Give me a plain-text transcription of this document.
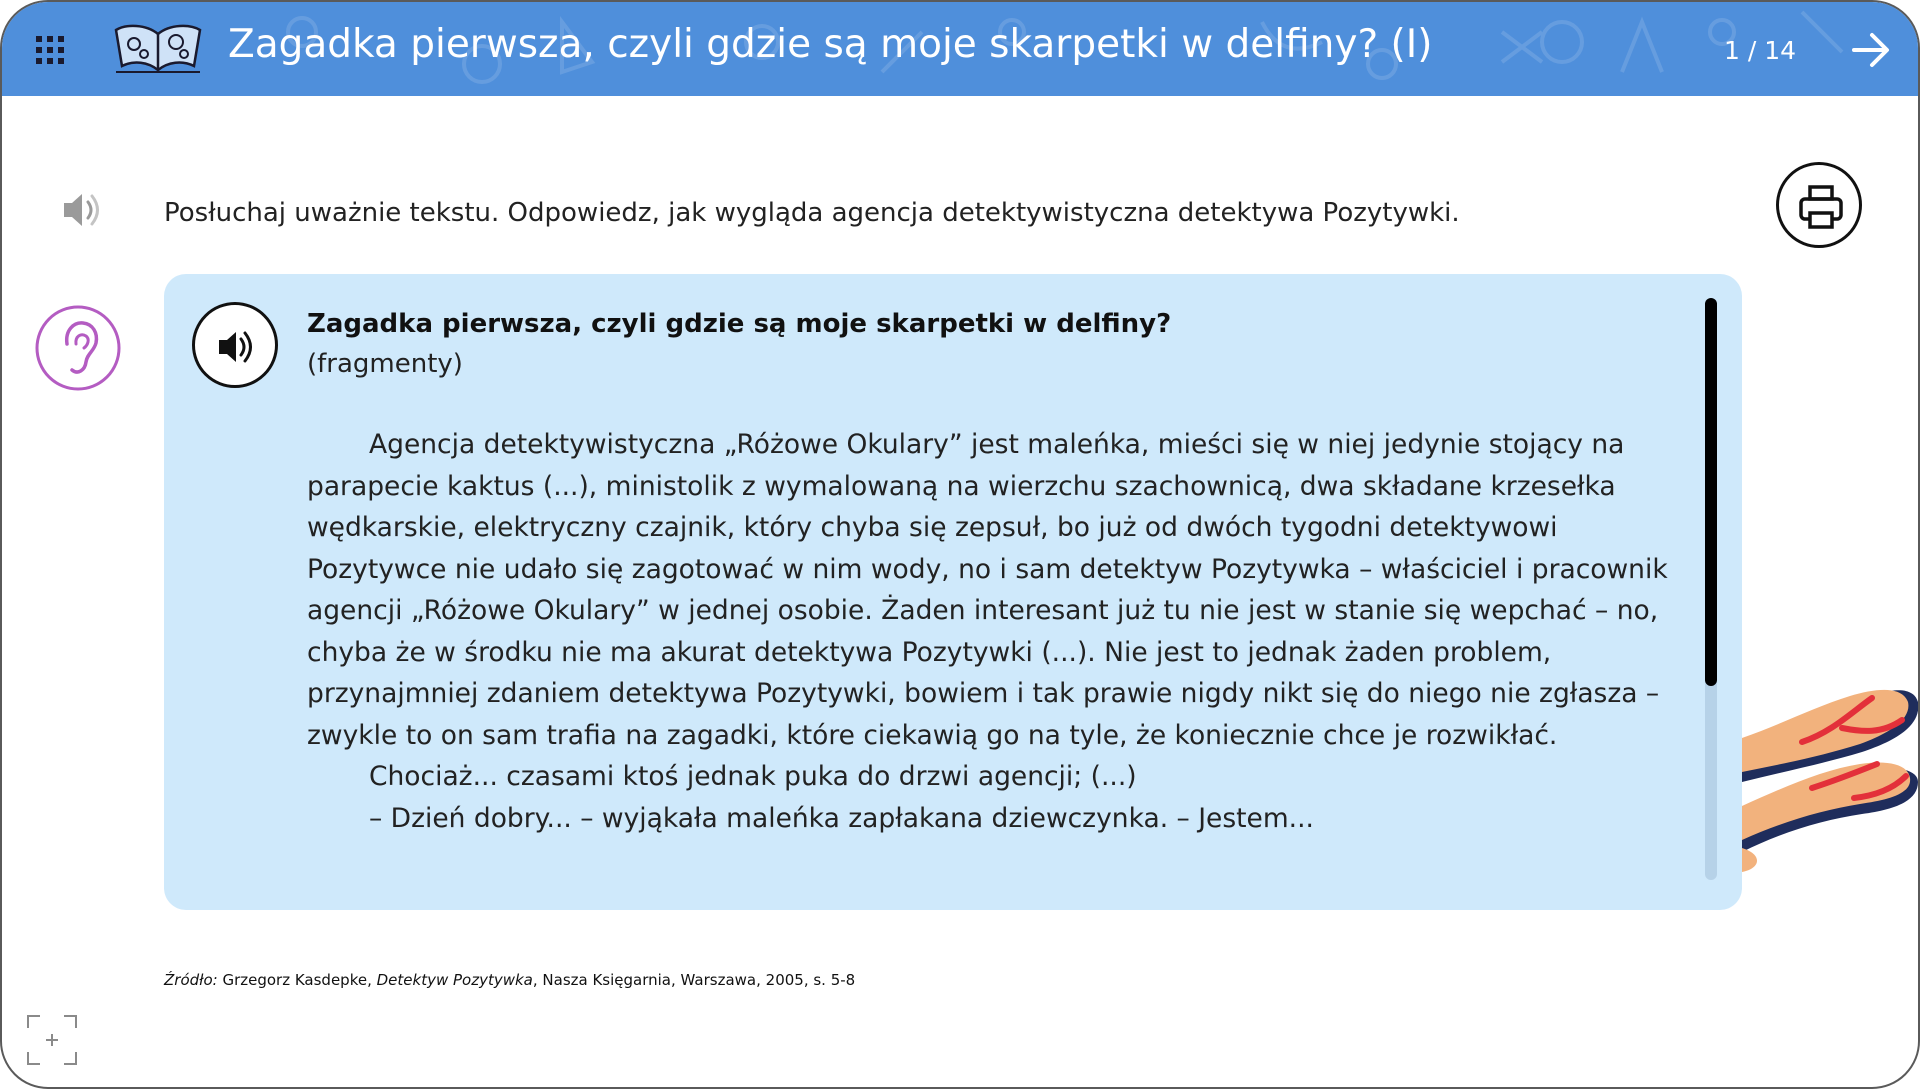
Zagadka pierwsza, czyli gdzie są moje skarpetki w delfiny? (I)	1 / 14
Posłuchaj uważnie tekstu. Odpowiedz, jak wygląda agencja detektywistyczna detektywa Pozytywki.

Zagadka pierwsza, czyli gdzie są moje skarpetki w delfiny?

(fragmenty)

Agencja detektywistyczna „Różowe Okulary” jest maleńka, mieści się w niej jedynie stojący na parapecie kaktus (...), ministolik z wymalowaną na wierzchu szachownicą, dwa składane krzesełka wędkarskie, elektryczny czajnik, który chyba się zepsuł, bo już od dwóch tygodni detektywowi Pozytywce nie udało się zagotować w nim wody, no i sam detektyw Pozytywka – właściciel i pracownik agencji „Różowe Okulary” w jednej osobie. Żaden interesant już tu nie jest w stanie się wepchać – no, chyba że w środku nie ma akurat detektywa Pozytywki (...). Nie jest to jednak żaden problem, przynajmniej zdaniem detektywa Pozytywki, bowiem i tak prawie nigdy nikt się do niego nie zgłasza – zwykle to on sam trafia na zagadki, które ciekawią go na tyle, że koniecznie chce je rozwikłać.

Chociaż... czasami ktoś jednak puka do drzwi agencji; (...)

– Dzień dobry... – wyjąkała maleńka zapłakana dziewczynka. – Jestem...

Źródło: Grzegorz Kasdepke, Detektyw Pozytywka, Nasza Księgarnia, Warszawa, 2005, s. 5-8
